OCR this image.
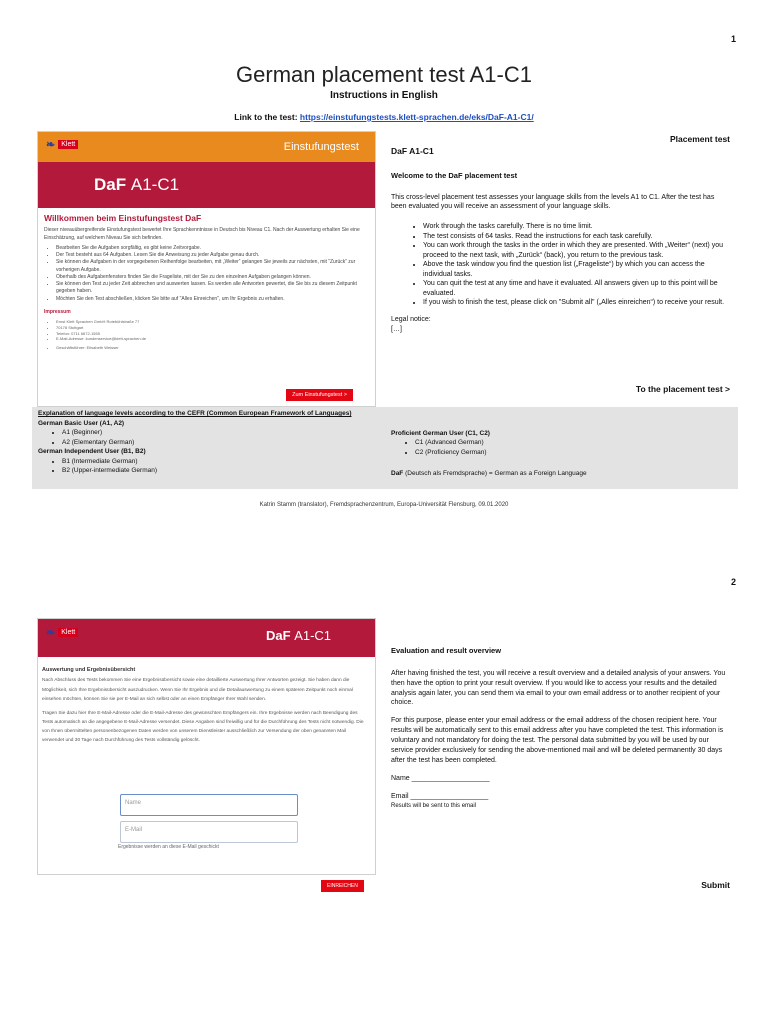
1
German placement test A1-C1
Instructions in English
Link to the test: https://einstufungstests.klett-sprachen.de/eks/DaF-A1-C1/
❧ Klett	Einstufungstest
DaF A1-C1
Willkommen beim Einstufungstest DaF
Dieser niveauübergreifende Einstufungstest bewertet Ihre Sprachkenntnisse in Deutsch bis Niveau C1. Nach der Auswertung erhalten Sie eine Einschätzung, auf welchem Niveau Sie sich befinden.
• Bearbeiten Sie die Aufgaben sorgfältig, es gibt keine Zeitvorgabe.
• Der Test besteht aus 64 Aufgaben. Lesen Sie die Anweisung zu jeder Aufgabe genau durch.
• Sie können die Aufgaben in der vorgegebenen Reihenfolge bearbeiten, mit „Weiter“ gelangen Sie jeweils zur nächsten, mit “Zurück” zur vorherigen Aufgabe.
• Oberhalb des Aufgabenfensters finden Sie die Frageliste, mit der Sie zu den einzelnen Aufgaben gelangen können.
• Sie können den Test zu jeder Zeit abbrechen und auswerten lassen. Es werden alle Antworten gewertet, die Sie bis zu diesem Zeitpunkt gegeben haben.
• Möchten Sie den Test abschließen, klicken Sie bitte auf "Alles Einreichen", um Ihr Ergebnis zu erhalten.
Impressum
• Ernst Klett Sprachen GmbH Rotebühlstraße 77
• 70178 Stuttgart
• Telefon: 0711 6672-1555
• E-Mail-Adresse: kundenservice@klett-sprachen.de
• Geschäftsführer: Elisabeth Weisser
Zum Einstufungstest >
Placement test
DaF A1-C1
Welcome to the DaF placement test

This cross-level placement test assesses your language skills from the levels A1 to C1. After the test has been evaluated you will receive an assessment of your language skills.

• Work through the tasks carefully. There is no time limit.
• The test consists of 64 tasks. Read the instructions for each task carefully.
• You can work through the tasks in the order in which they are presented. With „Weiter“ (next) you proceed to the next task, with „Zurück“ (back), you return to the previous task.
• Above the task window you find the question list („Frageliste“) by which you can access the individual tasks.
• You can quit the test at any time and have it evaluated. All answers given up to this point will be evaluated.
• If you wish to finish the test, please click on "Submit all" („Alles einreichen“) to receive your result.
Legal notice:
[…]
To the placement test >
Explanation of language levels according to the CEFR (Common European Framework of Languages)
German Basic User (A1, A2)
• A1 (Beginner)
• A2 (Elementary German)
German Independent User (B1, B2)
• B1 (Intermediate German)
• B2 (Upper-intermediate German)
Proficient German User (C1, C2)
• C1 (Advanced German)
• C2 (Proficiency German)
DaF (Deutsch als Fremdsprache) = German as a Foreign Language
Katrin Stamm (translator), Fremdsprachenzentrum, Europa-Universität Flensburg, 09.01.2020
2
❧ Klett	DaF A1-C1
Auswertung und Ergebnisübersicht
Nach Abschluss des Tests bekommen Sie eine Ergebnisübersicht sowie eine detaillierte Auswertung Ihrer Antworten gezeigt. Sie haben dann die Möglichkeit, sich Ihre Ergebnisübersicht auszudrucken. Wenn Sie Ihr Ergebnis und die Detailauswertung zu einem späteren Zeitpunkt noch einmal einsehen möchten, können Sie sie per E-Mail an sich selbst oder an einen Empfänger Ihrer Wahl senden.
Tragen Sie dazu hier Ihre E-Mail-Adresse oder die E-Mail-Adresse des gewünschten Empfängers ein. Ihre Ergebnisse werden nach Beendigung des Tests automatisch an die angegebene E-Mail-Adresse versendet. Diese Angaben sind freiwillig und für die Durchführung des Tests nicht notwendig. Die von Ihnen übermittelten personenbezogenen Daten werden von unserem Dienstleister ausschließlich zur Versendung der oben genannten Mail verwendet und 30 Tage nach Durchführung des Tests vollständig gelöscht.
Name
E-Mail
Ergebnisse werden an diese E-Mail geschickt
EINREICHEN
Evaluation and result overview

After having finished the test, you will receive a result overview and a detailed analysis of your answers. You then have the option to print your result overview. If you would like to access your results and the detailed analysis again later, you can send them via email to your own email address or to another recipient of your choice.

For this purpose, please enter your email address or the email address of the chosen recipient here. Your results will be automatically sent to this email address after you have completed the test. This information is voluntary and not mandatory for doing the test. The personal data submitted by you will be used by our service provider exclusively for sending the above-mentioned mail and will be deleted permanently 30 days after the test has been completed.

Name ____________________
Email ____________________
Results will be sent to this email
Submit
